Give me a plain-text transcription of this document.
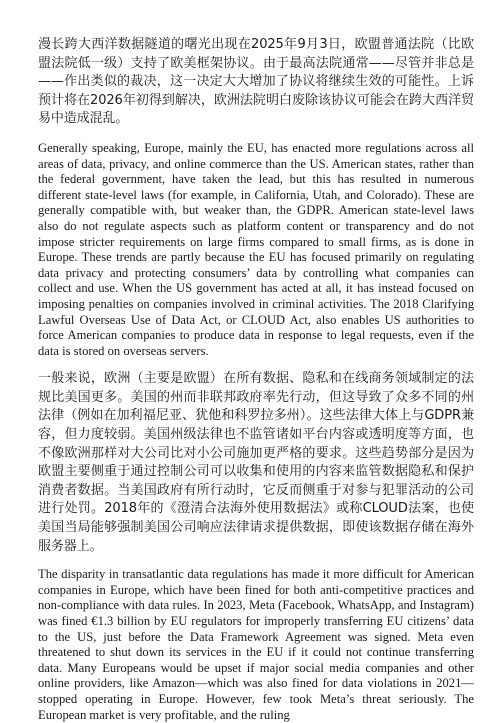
漫长跨大西洋数据隧道的曙光出现在2025年9月3日，欧盟普通法院（比欧盟法院低一级）支持了欧美框架协议。由于最高法院通常——尽管并非总是——作出类似的裁决，这一决定大大增加了协议将继续生效的可能性。上诉预计将在2026年初得到解决，欧洲法院明白废除该协议可能会在跨大西洋贸易中造成混乱。

Generally speaking, Europe, mainly the EU, has enacted more regulations across all areas of data, privacy, and online commerce than the US. American states, rather than the federal government, have taken the lead, but this has resulted in numerous different state-level laws (for example, in California, Utah, and Colorado). These are generally compatible with, but weaker than, the GDPR. American state-level laws also do not regulate aspects such as platform content or transparency and do not impose stricter requirements on large firms compared to small firms, as is done in Europe. These trends are partly because the EU has focused primarily on regulating data privacy and protecting consumers’ data by controlling what companies can collect and use. When the US government has acted at all, it has instead focused on imposing penalties on companies involved in criminal activities. The 2018 Clarifying Lawful Overseas Use of Data Act, or CLOUD Act, also enables US authorities to force American companies to produce data in response to legal requests, even if the data is stored on overseas servers.

一般来说，欧洲（主要是欧盟）在所有数据、隐私和在线商务领域制定的法规比美国更多。美国的州而非联邦政府率先行动，但这导致了众多不同的州法律（例如在加利福尼亚、犹他和科罗拉多州）。这些法律大体上与GDPR兼容，但力度较弱。美国州级法律也不监管诸如平台内容或透明度等方面，也不像欧洲那样对大公司比对小公司施加更严格的要求。这些趋势部分是因为欧盟主要侧重于通过控制公司可以收集和使用的内容来监管数据隐私和保护消费者数据。当美国政府有所行动时，它反而侧重于对参与犯罪活动的公司进行处罚。2018年的《澄清合法海外使用数据法》或称CLOUD法案，也使美国当局能够强制美国公司响应法律请求提供数据，即使该数据存储在海外服务器上。

The disparity in transatlantic data regulations has made it more difficult for American companies in Europe, which have been fined for both anti-competitive practices and non-compliance with data rules. In 2023, Meta (Facebook, WhatsApp, and Instagram) was fined €1.3 billion by EU regulators for improperly transferring EU citizens’ data to the US, just before the Data Framework Agreement was signed. Meta even threatened to shut down its services in the EU if it could not continue transferring data. Many Europeans would be upset if major social media companies and other online providers, like Amazon—which was also fined for data violations in 2021—stopped operating in Europe. However, few took Meta’s threat seriously. The European market is very profitable, and the ruling
